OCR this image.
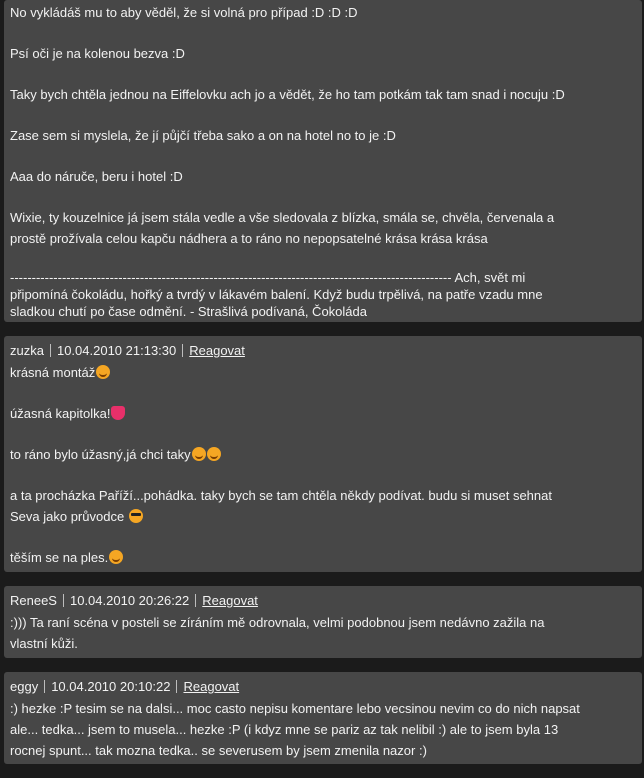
No vykládáš mu to aby věděl, že si volná pro případ :D :D :D

Psí oči je na kolenou bezva :D

Taky bych chtěla jednou na Eiffelovku ach jo a vědět, že ho tam potkám tak tam snad i nocuju :D

Zase sem si myslela, že jí půjčí třeba sako a on na hotel no to je :D

Aaa do náruče, beru i hotel :D

Wixie, ty kouzelnice já jsem stála vedle a vše sledovala z blízka, smála se, chvěla, červenala a

prostě prožívala celou kapču nádhera a to ráno no nepopsatelné krása krása krása

------------------------------------------------------------------------------------------------------ Ach, svět mi

připomíná čokoládu, hořký a tvrdý v lákavém balení. Když budu trpělivá, na patře vzadu mne

sladkou chutí po čase odmění. - Strašlivá podívaná, Čokoláda

zuzka 10.04.2010 21:13:30 Reagovat

krásná montáž

úžasná kapitolka!

to ráno bylo úžasný,já chci taky

a ta procházka Paříží...pohádka. taky bych se tam chtěla někdy podívat. budu si muset sehnat

Seva jako průvodce

těším se na ples.

ReneeS 10.04.2010 20:26:22 Reagovat

:))) Ta raní scéna v posteli se zíráním mě odrovnala, velmi podobnou jsem nedávno zažila na

vlastní kůži.

eggy 10.04.2010 20:10:22 Reagovat

:) hezke :P tesim se na dalsi... moc casto nepisu komentare lebo vecsinou nevim co do nich napsat

ale... tedka... jsem to musela... hezke :P (i kdyz mne se pariz az tak nelibil :) ale to jsem byla 13

rocnej spunt... tak mozna tedka.. se severusem by jsem zmenila nazor :)
